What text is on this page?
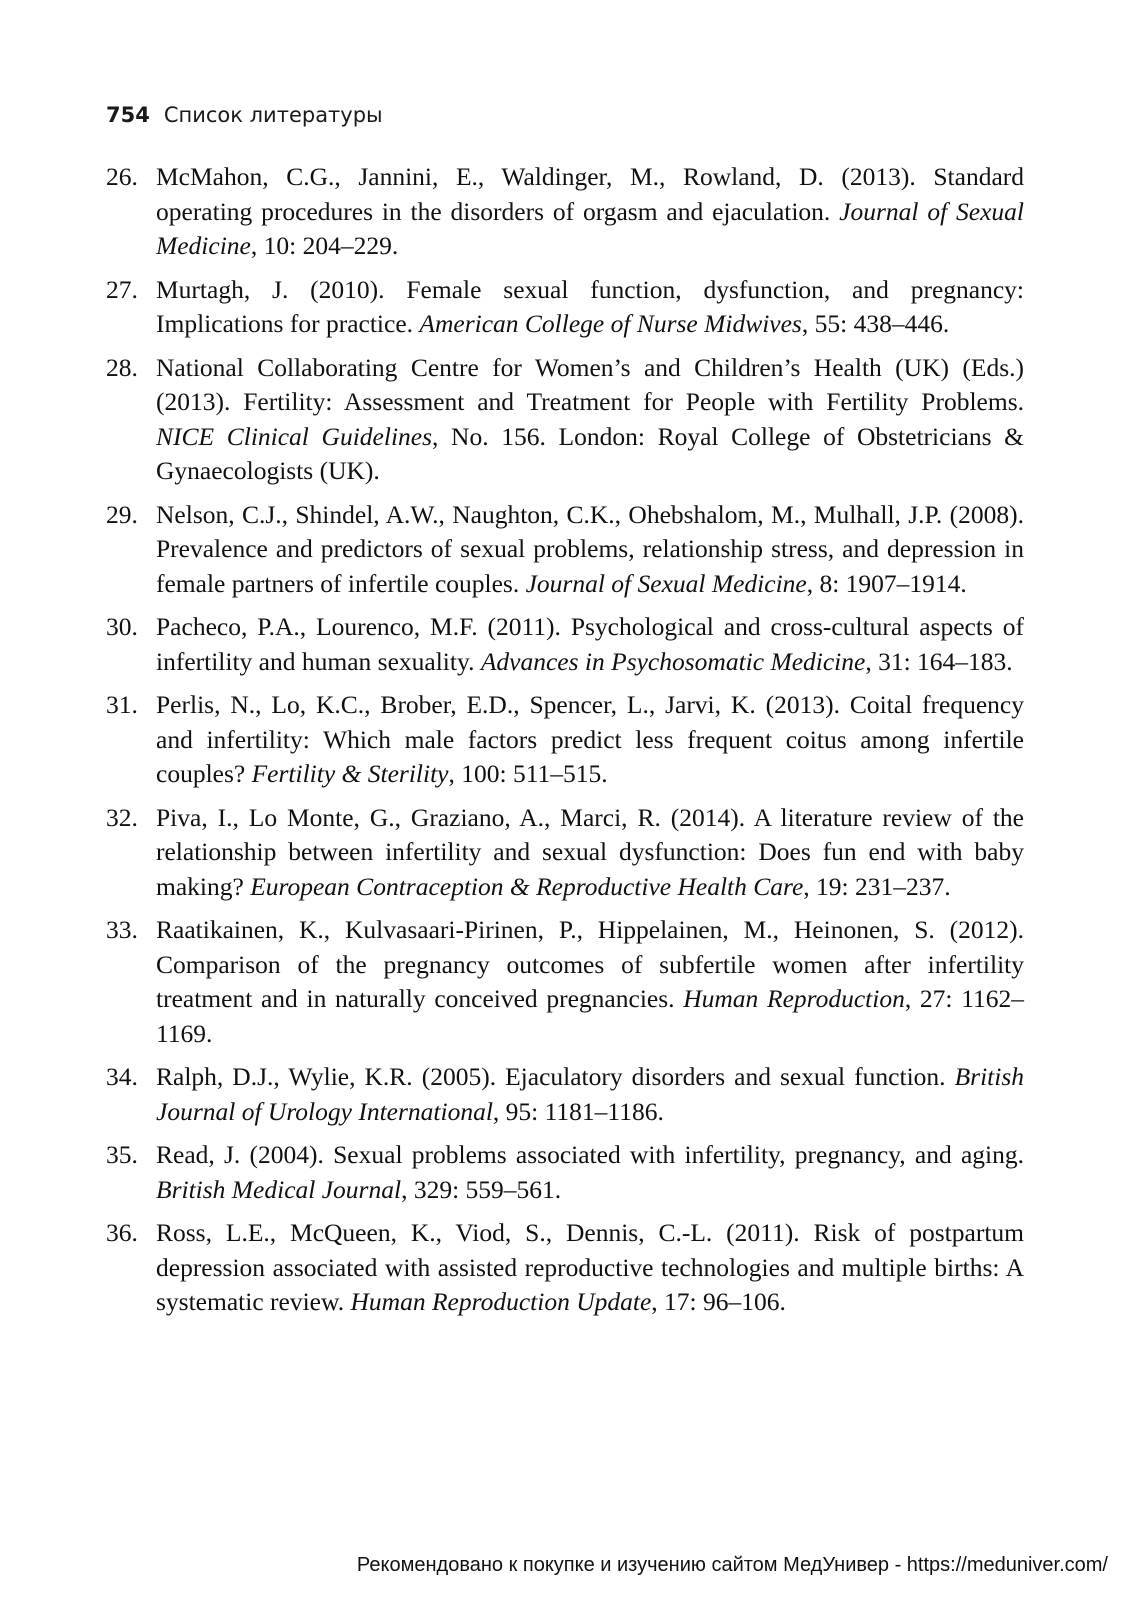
754 Список литературы
26. McMahon, C.G., Jannini, E., Waldinger, M., Rowland, D. (2013). Standard operating procedures in the disorders of orgasm and ejaculation. Journal of Sexual Medicine, 10: 204–229.
27. Murtagh, J. (2010). Female sexual function, dysfunction, and pregnancy: Implications for practice. American College of Nurse Midwives, 55: 438–446.
28. National Collaborating Centre for Women’s and Children’s Health (UK) (Eds.) (2013). Fertility: Assessment and Treatment for People with Fertility Problems. NICE Clinical Guidelines, No. 156. London: Royal College of Obstetricians & Gynaecologists (UK).
29. Nelson, C.J., Shindel, A.W., Naughton, C.K., Ohebshalom, M., Mulhall, J.P. (2008). Prevalence and predictors of sexual problems, relationship stress, and depression in female partners of infertile couples. Journal of Sexual Medicine, 8: 1907–1914.
30. Pacheco, P.A., Lourenco, M.F. (2011). Psychological and cross-cultural aspects of infertility and human sexuality. Advances in Psychosomatic Medicine, 31: 164–183.
31. Perlis, N., Lo, K.C., Brober, E.D., Spencer, L., Jarvi, K. (2013). Coital frequency and infertility: Which male factors predict less frequent coitus among infertile couples? Fertility & Sterility, 100: 511–515.
32. Piva, I., Lo Monte, G., Graziano, A., Marci, R. (2014). A literature review of the relationship between infertility and sexual dysfunction: Does fun end with baby making? European Contraception & Reproductive Health Care, 19: 231–237.
33. Raatikainen, K., Kulvasaari-Pirinen, P., Hippelainen, M., Heinonen, S. (2012). Comparison of the pregnancy outcomes of subfertile women after infertility treatment and in naturally conceived pregnancies. Human Reproduction, 27: 1162–1169.
34. Ralph, D.J., Wylie, K.R. (2005). Ejaculatory disorders and sexual function. British Journal of Urology International, 95: 1181–1186.
35. Read, J. (2004). Sexual problems associated with infertility, pregnancy, and aging. British Medical Journal, 329: 559–561.
36. Ross, L.E., McQueen, K., Viod, S., Dennis, C.-L. (2011). Risk of postpartum depression associated with assisted reproductive technologies and multiple births: A systematic review. Human Reproduction Update, 17: 96–106.
Рекомендовано к покупке и изучению сайтом МедУнивер - https://meduniver.com/
